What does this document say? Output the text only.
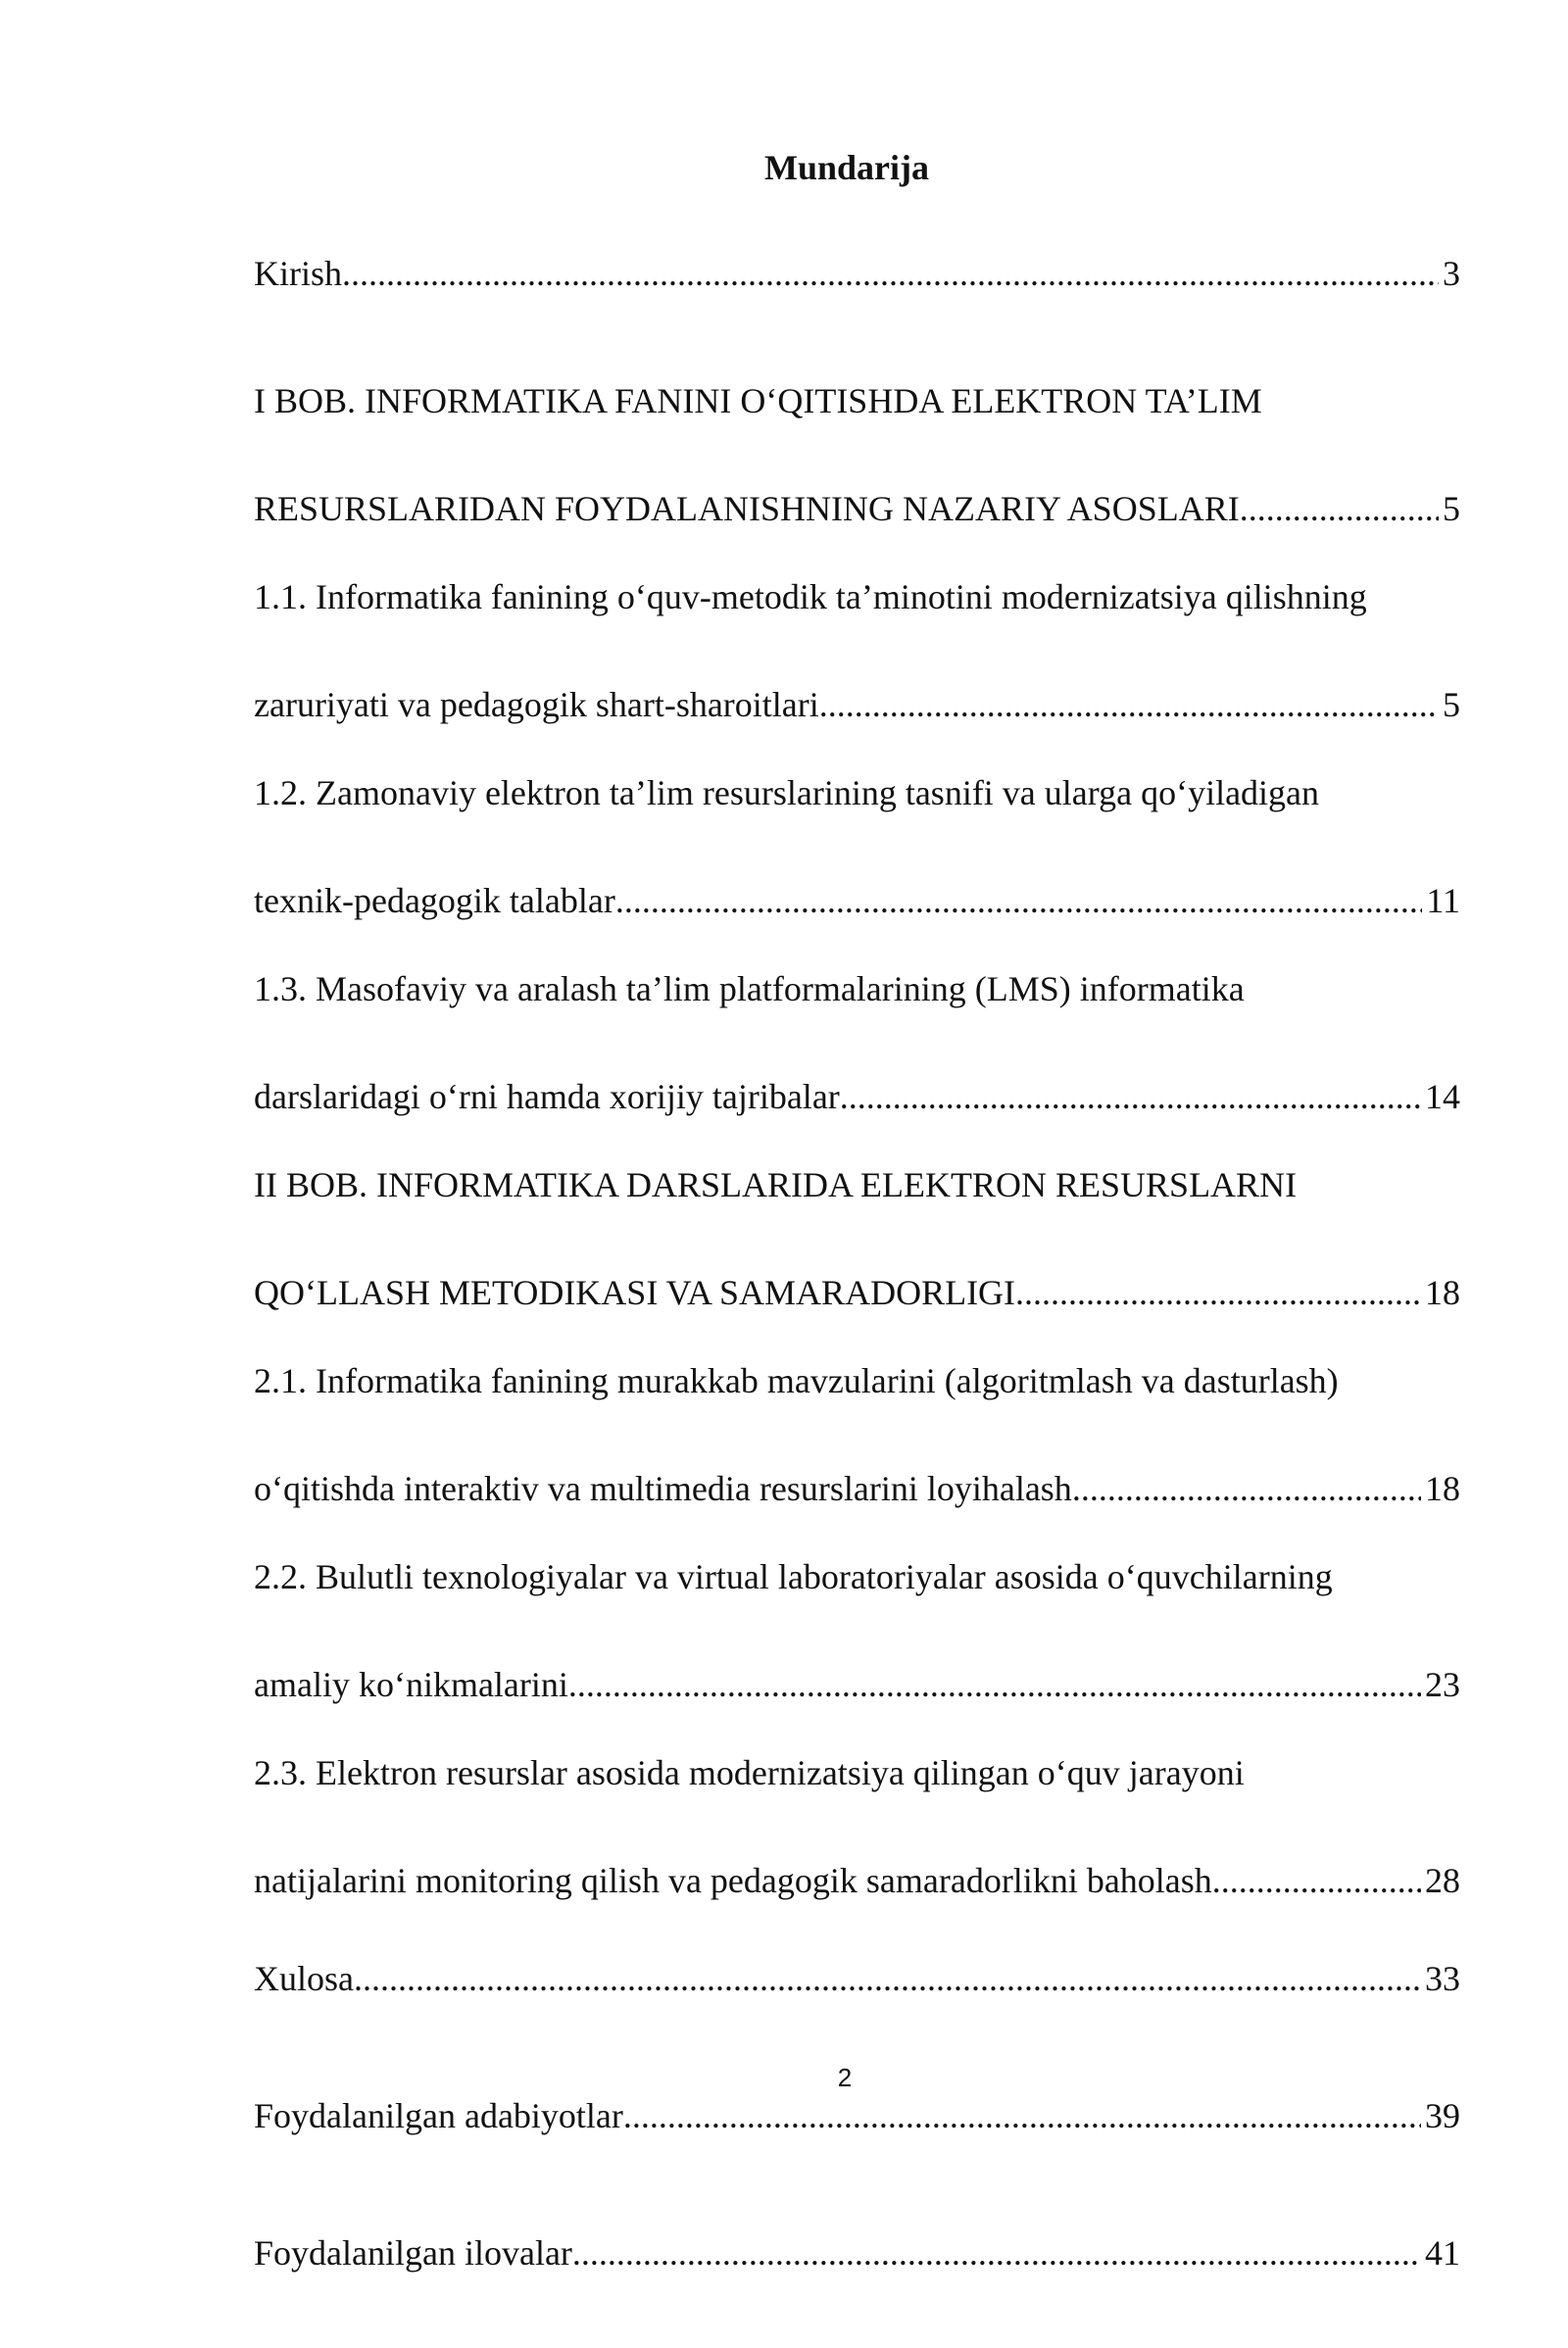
Mundarija
Kirish .....	3
I BOB. INFORMATIKA FANINI O‘QITISHDA ELEKTRON TA’LIM
RESURSLARIDAN FOYDALANISHNING NAZARIY ASOSLARI .....	5
1.1. Informatika fanining o‘quv-metodik ta’minotini modernizatsiya qilishning
zaruriyati va pedagogik shart-sharoitlari .....	5
1.2. Zamonaviy elektron ta’lim resurslarining tasnifi va ularga qo‘yiladigan
texnik-pedagogik talablar .....	11
1.3. Masofaviy va aralash ta’lim platformalarining (LMS) informatika
darslaridagi o‘rni hamda xorijiy tajribalar .....	14
II BOB. INFORMATIKA DARSLARIDA ELEKTRON RESURSLARNI
QO‘LLASH METODIKASI VA SAMARADORLIGI .....	18
2.1. Informatika fanining murakkab mavzularini (algoritmlash va dasturlash)
o‘qitishda interaktiv va multimedia resurslarini loyihalash .....	18
2.2. Bulutli texnologiyalar va virtual laboratoriyalar asosida o‘quvchilarning
amaliy ko‘nikmalarini .....	23
2.3. Elektron resurslar asosida modernizatsiya qilingan o‘quv jarayoni
natijalarini monitoring qilish va pedagogik samaradorlikni baholash .....	28
Xulosa .....	33
Foydalanilgan adabiyotlar .....	39
Foydalanilgan ilovalar .....	41
2
